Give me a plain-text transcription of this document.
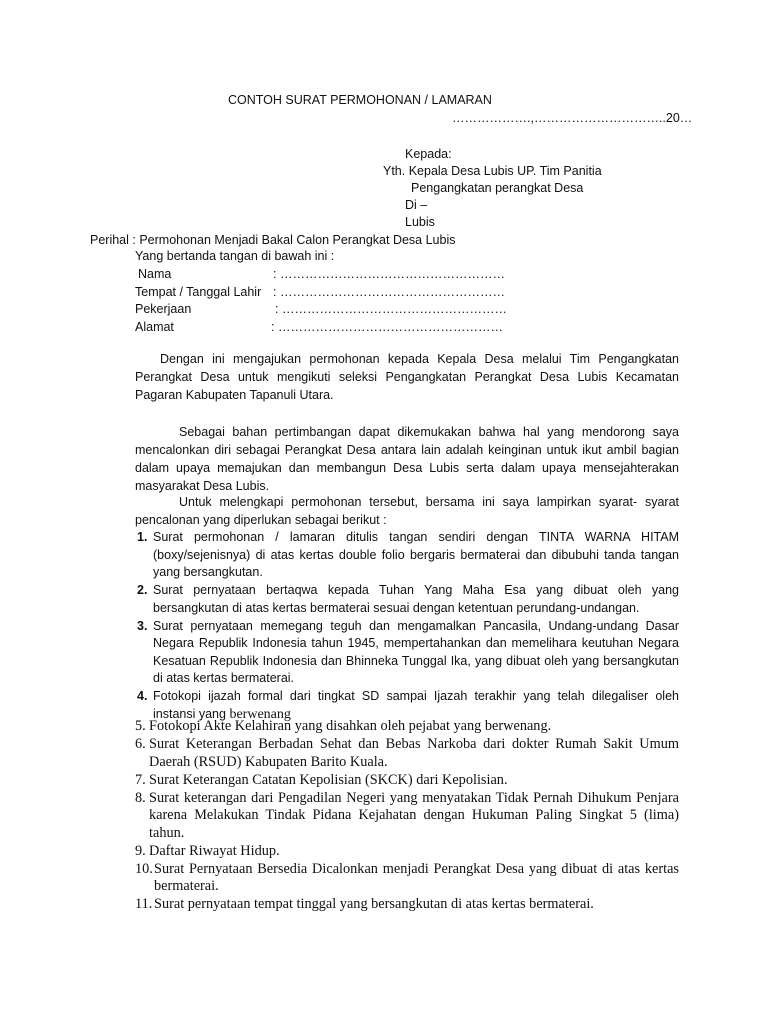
CONTOH SURAT PERMOHONAN / LAMARAN
……………….,…………………………..20…
Kepada:
Yth. Kepala Desa Lubis UP. Tim Panitia
Pengangkatan perangkat Desa
Di –
Lubis
Perihal : Permohonan Menjadi Bakal Calon Perangkat Desa Lubis
Yang bertanda tangan di bawah ini :
Nama	: ………………………………………………
Tempat / Tanggal Lahir : ………………………………………………
Pekerjaan	: ………………………………………………
Alamat	: ………………………………………………
Dengan ini mengajukan permohonan kepada Kepala Desa melalui Tim Pengangkatan Perangkat Desa untuk mengikuti seleksi Pengangkatan Perangkat Desa Lubis Kecamatan Pagaran Kabupaten Tapanuli Utara.
Sebagai bahan pertimbangan dapat dikemukakan bahwa hal yang mendorong saya mencalonkan diri sebagai Perangkat Desa antara lain adalah keinginan untuk ikut ambil bagian dalam upaya memajukan dan membangun Desa Lubis serta dalam upaya mensejahterakan masyarakat Desa Lubis.
Untuk melengkapi permohonan tersebut, bersama ini saya lampirkan syarat- syarat pencalonan yang diperlukan sebagai berikut :
1. Surat permohonan / lamaran ditulis tangan sendiri dengan TINTA WARNA HITAM (boxy/sejenisnya) di atas kertas double folio bergaris bermaterai dan dibubuhi tanda tangan yang bersangkutan.
2. Surat pernyataan bertaqwa kepada Tuhan Yang Maha Esa yang dibuat oleh yang bersangkutan di atas kertas bermaterai sesuai dengan ketentuan perundang-undangan.
3. Surat pernyataan memegang teguh dan mengamalkan Pancasila, Undang-undang Dasar Negara Republik Indonesia tahun 1945, mempertahankan dan memelihara keutuhan Negara Kesatuan Republik Indonesia dan Bhinneka Tunggal Ika, yang dibuat oleh yang bersangkutan di atas kertas bermaterai.
4. Fotokopi ijazah formal dari tingkat SD sampai Ijazah terakhir yang telah dilegaliser oleh instansi yang berwenang
5. Fotokopi Akte Kelahiran yang disahkan oleh pejabat yang berwenang.
6. Surat Keterangan Berbadan Sehat dan Bebas Narkoba dari dokter Rumah Sakit Umum Daerah (RSUD) Kabupaten Barito Kuala.
7. Surat Keterangan Catatan Kepolisian (SKCK) dari Kepolisian.
8. Surat keterangan dari Pengadilan Negeri yang menyatakan Tidak Pernah Dihukum Penjara karena Melakukan Tindak Pidana Kejahatan dengan Hukuman Paling Singkat 5 (lima) tahun.
9. Daftar Riwayat Hidup.
10. Surat Pernyataan Bersedia Dicalonkan menjadi Perangkat Desa yang dibuat di atas kertas bermaterai.
11. Surat pernyataan tempat tinggal yang bersangkutan di atas kertas bermaterai.
